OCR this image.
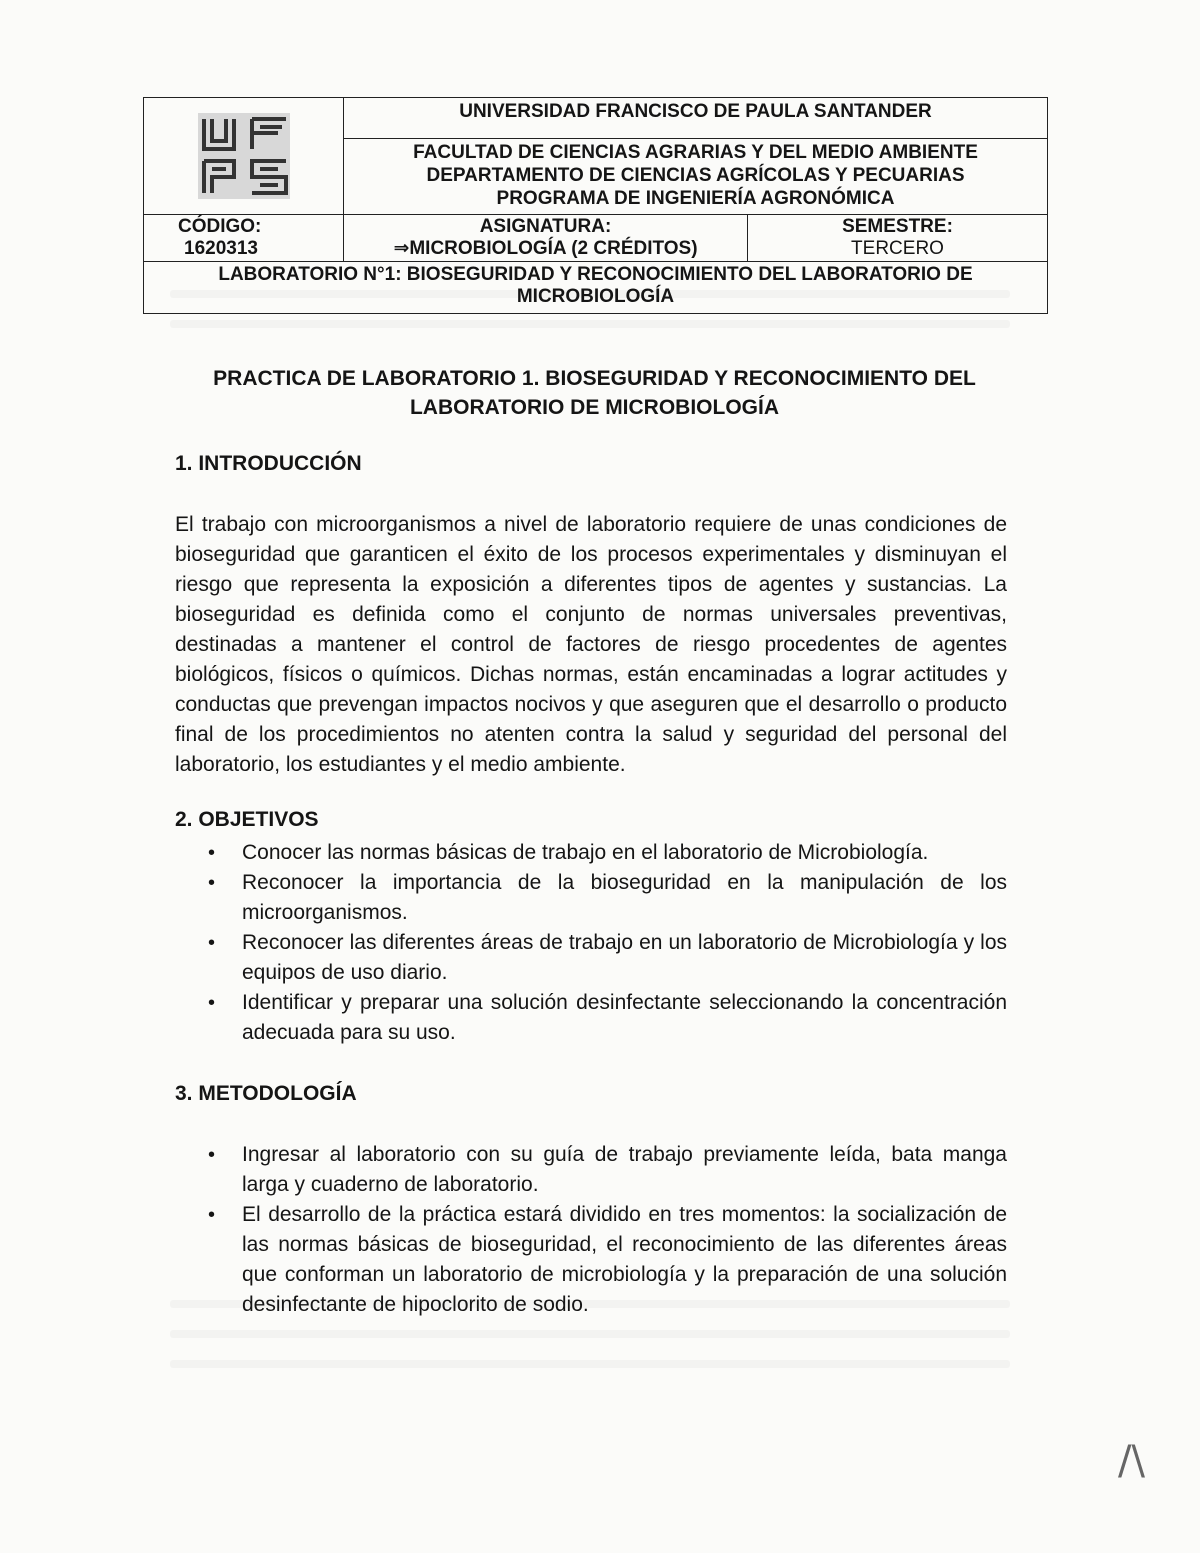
/\
UNIVERSIDAD FRANCISCO DE PAULA SANTANDER
FACULTAD DE CIENCIAS AGRARIAS Y DEL MEDIO AMBIENTE
DEPARTAMENTO DE CIENCIAS AGRÍCOLAS Y PECUARIAS
PROGRAMA DE INGENIERÍA AGRONÓMICA
CÓDIGO:
1620313
ASIGNATURA:
⇒MICROBIOLOGÍA (2 CRÉDITOS)
SEMESTRE:
TERCERO
LABORATORIO N°1: BIOSEGURIDAD Y RECONOCIMIENTO DEL LABORATORIO DE
MICROBIOLOGÍA
PRACTICA DE LABORATORIO 1. BIOSEGURIDAD Y RECONOCIMIENTO DEL
LABORATORIO DE MICROBIOLOGÍA
1. INTRODUCCIÓN
El trabajo con microorganismos a nivel de laboratorio requiere de unas condiciones de bioseguridad que garanticen el éxito de los procesos experimentales y disminuyan el riesgo que representa la exposición a diferentes tipos de agentes y sustancias. La bioseguridad es definida como el conjunto de normas universales preventivas, destinadas a mantener el control de factores de riesgo procedentes de agentes biológicos, físicos o químicos. Dichas normas, están encaminadas a lograr actitudes y conductas que prevengan impactos nocivos y que aseguren que el desarrollo o producto final de los procedimientos no atenten contra la salud y seguridad del personal del laboratorio, los estudiantes y el medio ambiente.
2. OBJETIVOS
• Conocer las normas básicas de trabajo en el laboratorio de Microbiología.
• Reconocer la importancia de la bioseguridad en la manipulación de los microorganismos.
• Reconocer las diferentes áreas de trabajo en un laboratorio de Microbiología y los equipos de uso diario.
• Identificar y preparar una solución desinfectante seleccionando la concentración adecuada para su uso.
3. METODOLOGÍA
• Ingresar al laboratorio con su guía de trabajo previamente leída, bata manga larga y cuaderno de laboratorio.
• El desarrollo de la práctica estará dividido en tres momentos: la socialización de las normas básicas de bioseguridad, el reconocimiento de las diferentes áreas que conforman un laboratorio de microbiología y la preparación de una solución desinfectante de hipoclorito de sodio.
